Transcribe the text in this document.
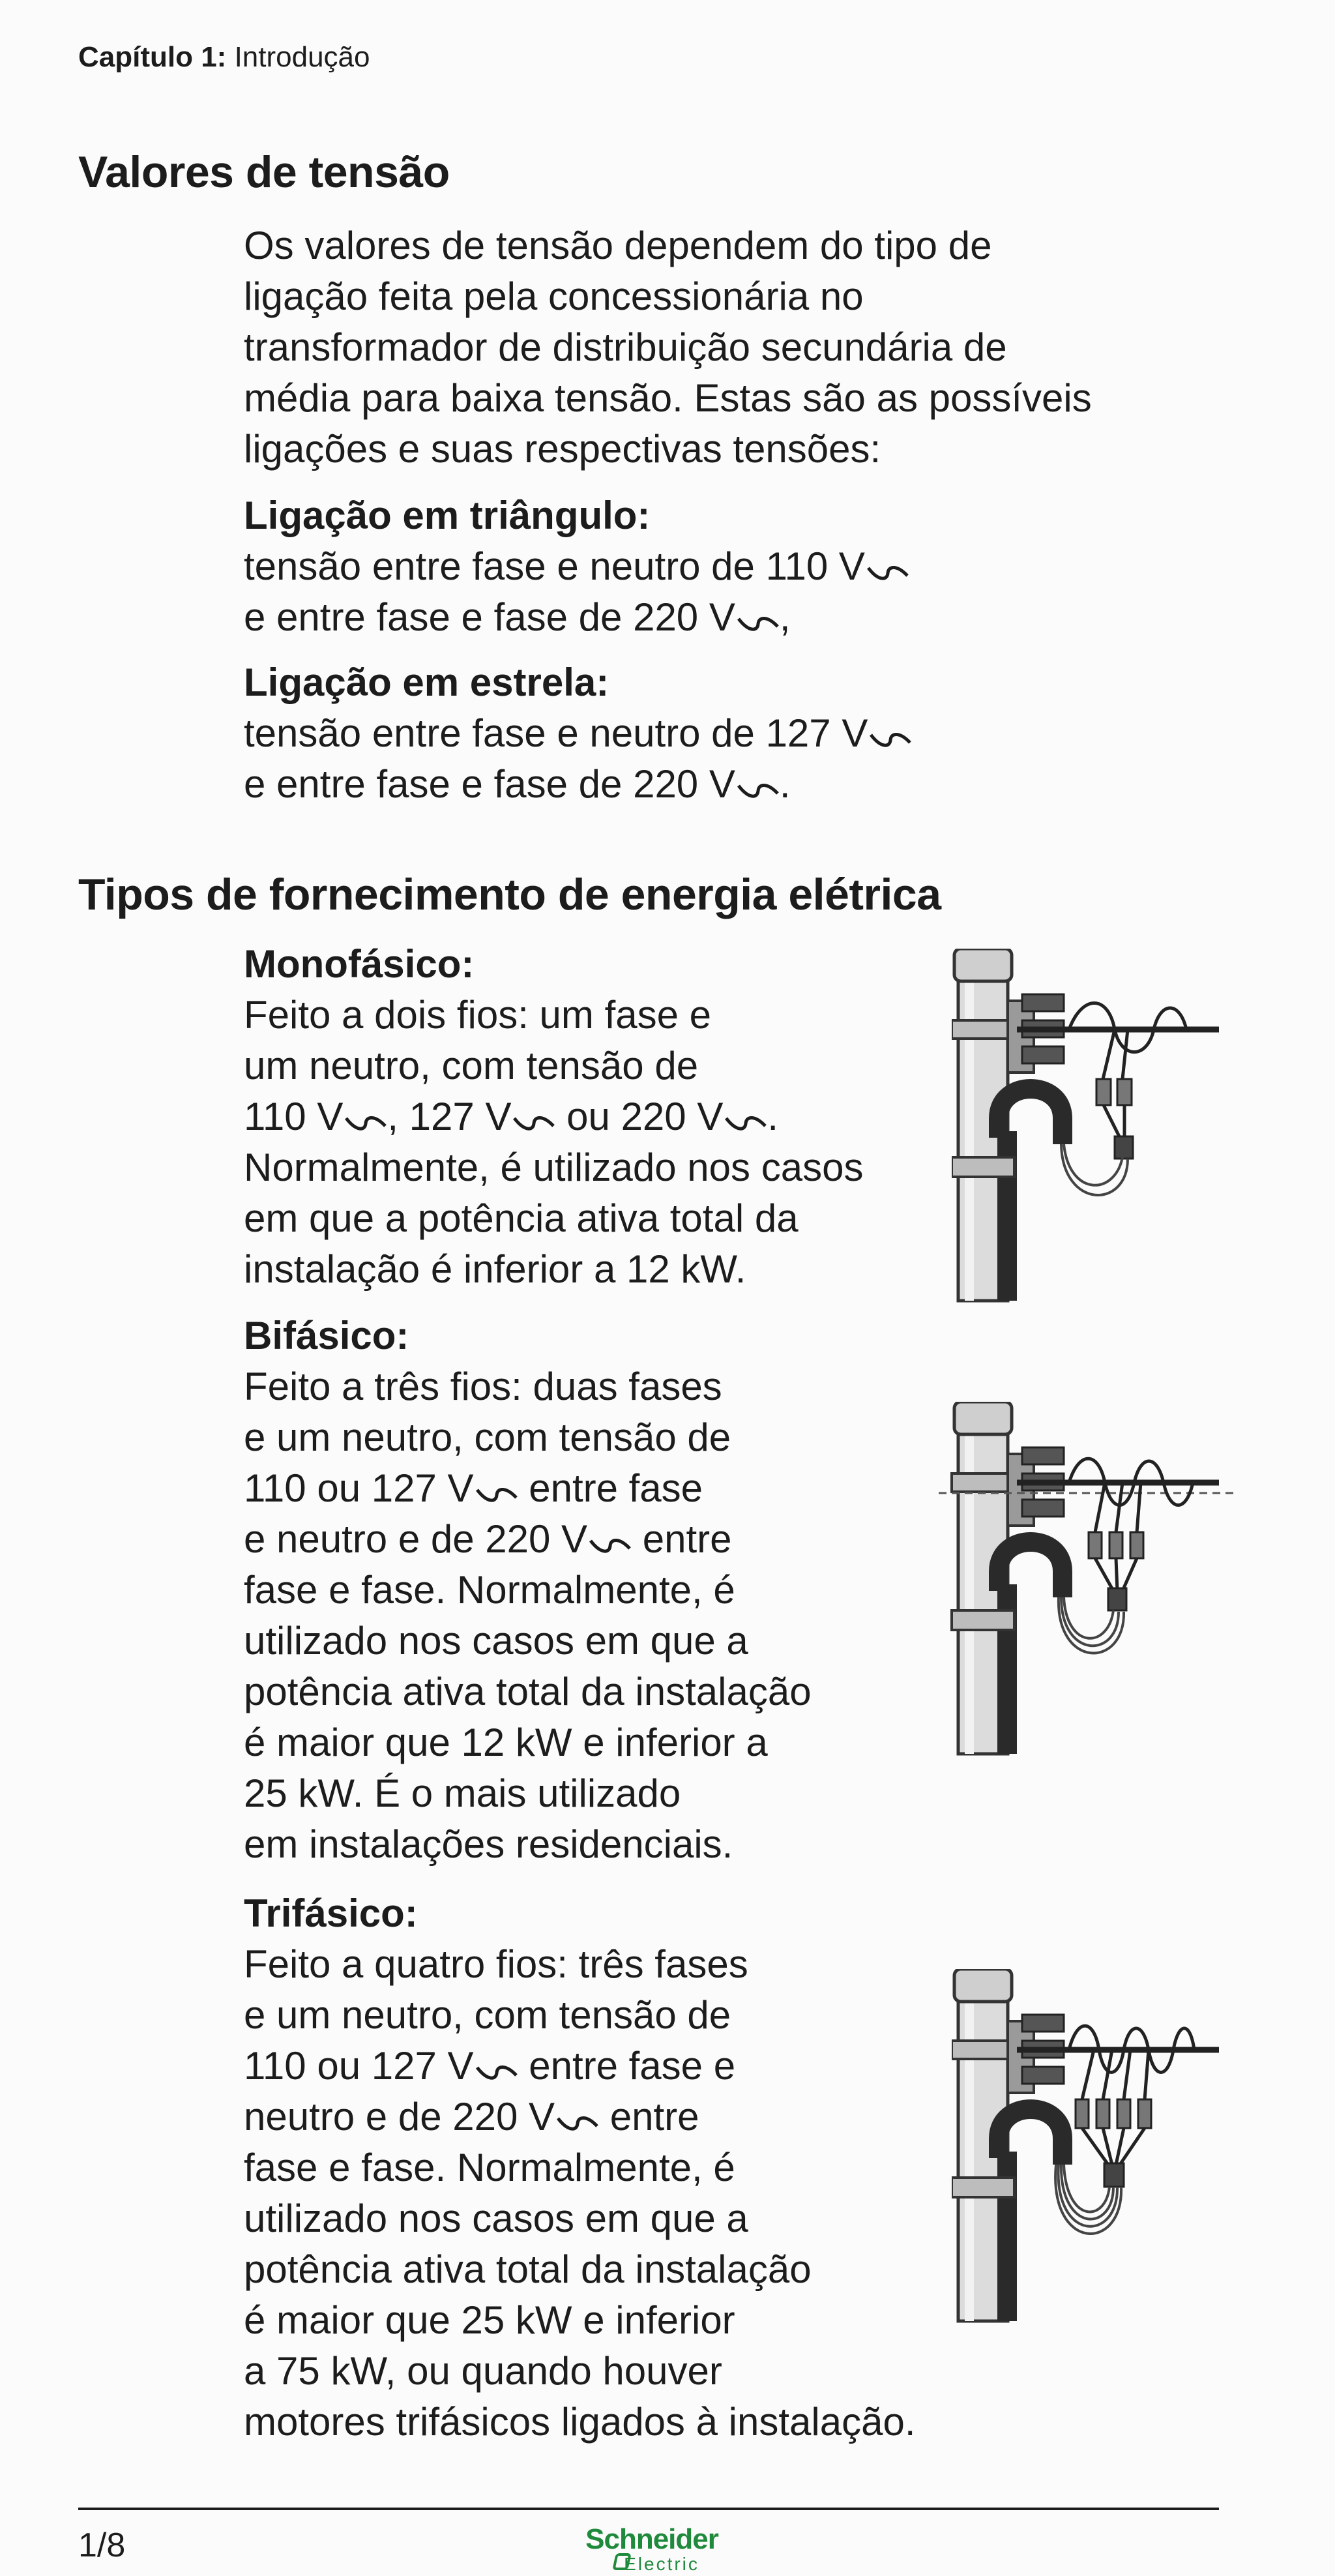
Capítulo 1: Introdução
Valores de tensão

Os valores de tensão dependem do tipo de

ligação feita pela concessionária no

transformador de distribuição secundária de

média para baixa tensão. Estas são as possíveis

ligações e suas respectivas tensões:

Ligação em triângulo:

tensão entre fase e neutro de 110 V

e entre fase e fase de 220 V ,

Ligação em estrela:

tensão entre fase e neutro de 127 V

e entre fase e fase de 220 V .

Tipos de fornecimento de energia elétrica

Monofásico:

Feito a dois fios: um fase e

um neutro, com tensão de

110 V , 127 V ou 220 V .

Normalmente, é utilizado nos casos

em que a potência ativa total da

instalação é inferior a 12 kW.

Bifásico:

Feito a três fios: duas fases

e um neutro, com tensão de

110 ou 127 V entre fase

e neutro e de 220 V entre

fase e fase. Normalmente, é

utilizado nos casos em que a

potência ativa total da instalação

é maior que 12 kW e inferior a

25 kW. É o mais utilizado

em instalações residenciais.

Trifásico:

Feito a quatro fios: três fases

e um neutro, com tensão de

110 ou 127 V entre fase e

neutro e de 220 V entre

fase e fase. Normalmente, é

utilizado nos casos em que a

potência ativa total da instalação

é maior que 25 kW e inferior

a 75 kW, ou quando houver

motores trifásicos ligados à instalação.

1/8	Schneider
Electric
